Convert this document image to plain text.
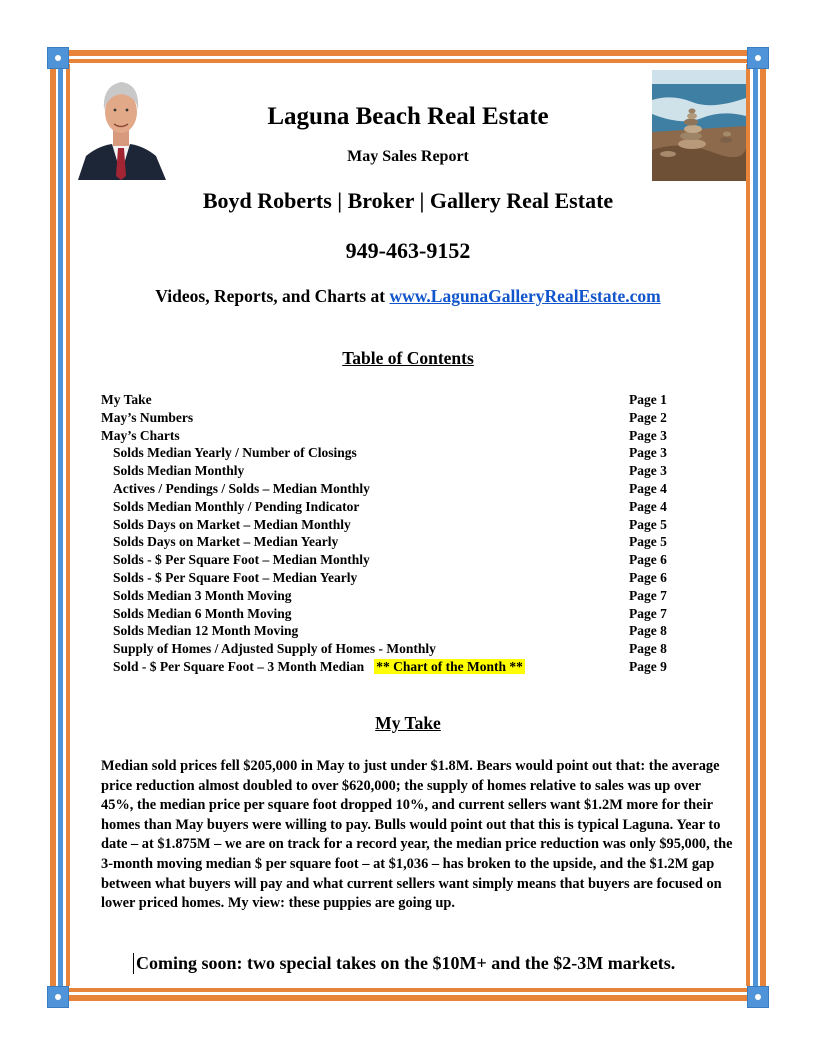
Laguna Beach Real Estate
May Sales Report
Boyd Roberts | Broker | Gallery Real Estate
949-463-9152
Videos, Reports, and Charts at www.LagunaGalleryRealEstate.com
Table of Contents
My Take	Page 1
May’s Numbers	Page 2
May’s Charts	Page 3
Solds Median Yearly / Number of Closings	Page 3
Solds Median Monthly	Page 3
Actives / Pendings / Solds – Median Monthly	Page 4
Solds Median Monthly / Pending Indicator	Page 4
Solds Days on Market – Median Monthly	Page 5
Solds Days on Market – Median Yearly	Page 5
Solds - $ Per Square Foot – Median Monthly	Page 6
Solds - $ Per Square Foot – Median Yearly	Page 6
Solds Median 3 Month Moving	Page 7
Solds Median 6 Month Moving	Page 7
Solds Median 12 Month Moving	Page 8
Supply of Homes / Adjusted Supply of Homes - Monthly	Page 8
Sold - $ Per Square Foot – 3 Month Median ** Chart of the Month **	Page 9
My Take
Median sold prices fell $205,000 in May to just under $1.8M. Bears would point out that: the average price reduction almost doubled to over $620,000; the supply of homes relative to sales was up over 45%, the median price per square foot dropped 10%, and current sellers want $1.2M more for their homes than May buyers were willing to pay. Bulls would point out that this is typical Laguna. Year to date – at $1.875M – we are on track for a record year, the median price reduction was only $95,000, the 3-month moving median $ per square foot – at $1,036 – has broken to the upside, and the $1.2M gap between what buyers will pay and what current sellers want simply means that buyers are focused on lower priced homes. My view: these puppies are going up.
Coming soon: two special takes on the $10M+ and the $2-3M markets.
